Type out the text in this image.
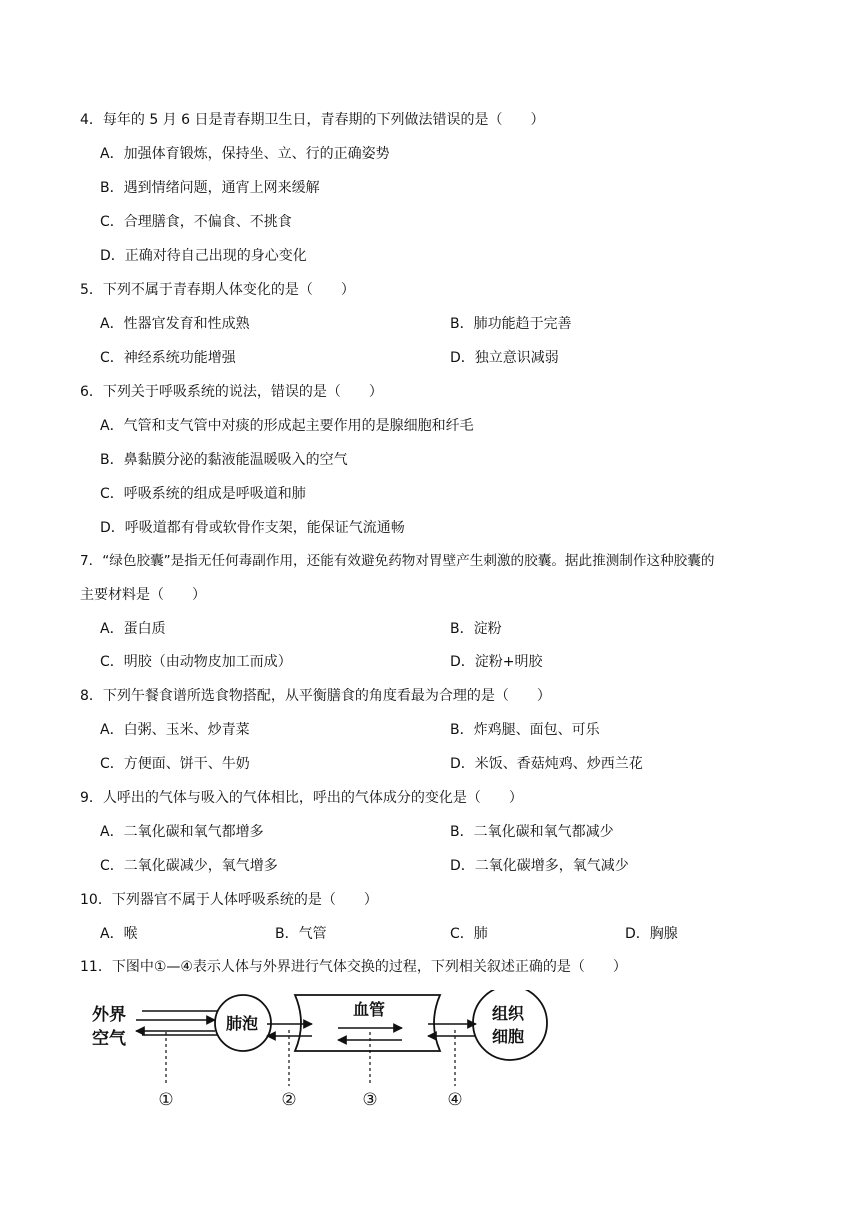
4．每年的 5 月 6 日是青春期卫生日，青春期的下列做法错误的是（　　）
A．加强体育锻炼，保持坐、立、行的正确姿势
B．遇到情绪问题，通宵上网来缓解
C．合理膳食，不偏食、不挑食
D．正确对待自己出现的身心变化
5．下列不属于青春期人体变化的是（　　）
A．性器官发育和性成熟	B．肺功能趋于完善
C．神经系统功能增强	D．独立意识减弱
6．下列关于呼吸系统的说法，错误的是（　　）
A．气管和支气管中对痰的形成起主要作用的是腺细胞和纤毛
B．鼻黏膜分泌的黏液能温暖吸入的空气
C．呼吸系统的组成是呼吸道和肺
D．呼吸道都有骨或软骨作支架，能保证气流通畅
7．“绿色胶囊”是指无任何毒副作用，还能有效避免药物对胃壁产生刺激的胶囊。据此推测制作这种胶囊的
主要材料是（　　）
A．蛋白质	B．淀粉
C．明胶（由动物皮加工而成）	D．淀粉+明胶
8．下列午餐食谱所选食物搭配，从平衡膳食的角度看最为合理的是（　　）
A．白粥、玉米、炒青菜	B．炸鸡腿、面包、可乐
C．方便面、饼干、牛奶	D．米饭、香菇炖鸡、炒西兰花
9．人呼出的气体与吸入的气体相比，呼出的气体成分的变化是（　　）
A．二氧化碳和氧气都增多	B．二氧化碳和氧气都减少
C．二氧化碳减少，氧气增多	D．二氧化碳增多，氧气减少
10．下列器官不属于人体呼吸系统的是（　　）
A．喉	B．气管	C．肺	D．胸腺
11．下图中①—④表示人体与外界进行气体交换的过程，下列相关叙述正确的是（　　）
外界
空气
肺泡
血管	组织
细胞
①	②	③	④
